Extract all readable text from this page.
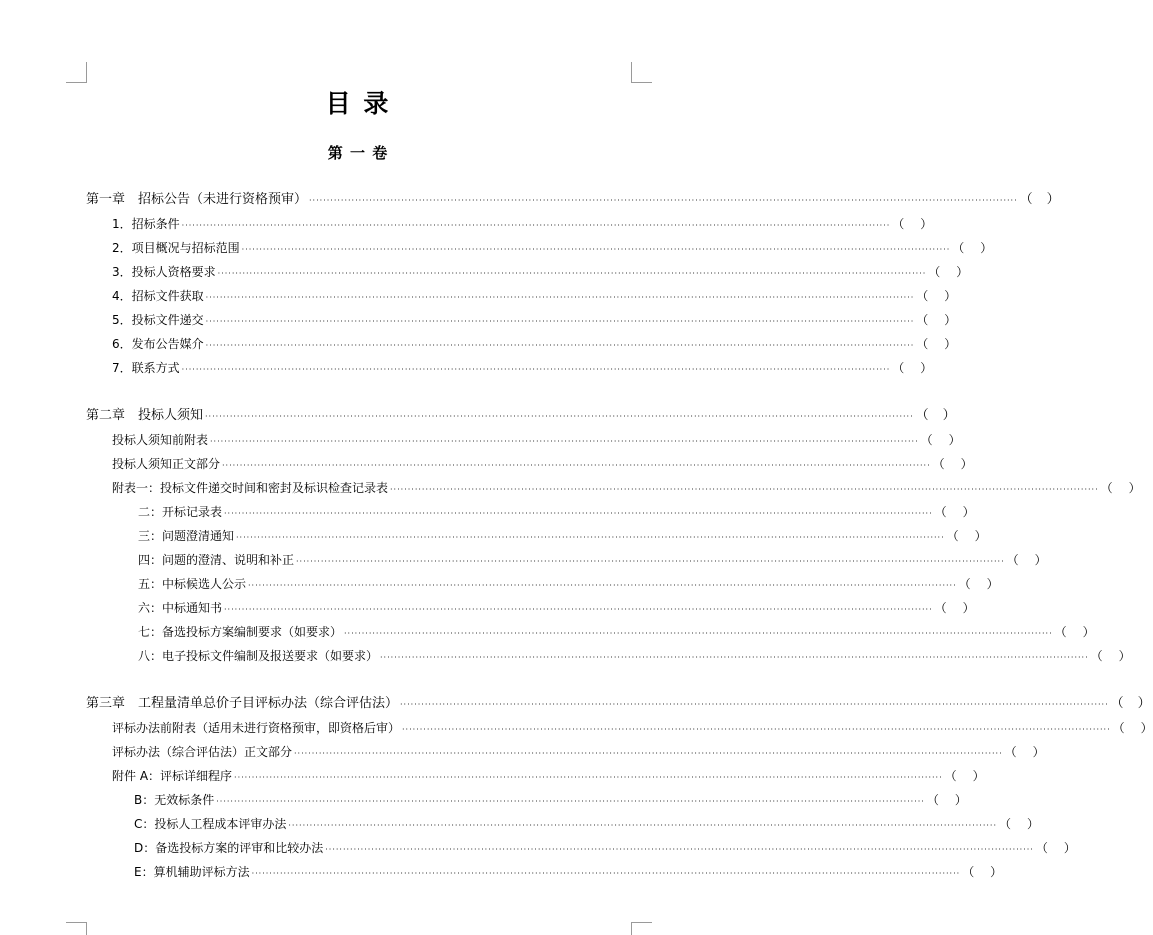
目 录
第 一 卷
第一章　招标公告（未进行资格预审） ········································································································································································································ （ ）
1．招标条件 ········································································································································································································ （ ）
2．项目概况与招标范围 ········································································································································································································ （ ）
3．投标人资格要求 ········································································································································································································ （ ）
4．招标文件获取 ········································································································································································································ （ ）
5．投标文件递交 ········································································································································································································ （ ）
6．发布公告媒介 ········································································································································································································ （ ）
7．联系方式 ········································································································································································································ （ ）
第二章　投标人须知 ········································································································································································································ （ ）
投标人须知前附表 ········································································································································································································ （ ）
投标人须知正文部分 ········································································································································································································ （ ）
附表一：投标文件递交时间和密封及标识检查记录表 ········································································································································································································ （ ）
二：开标记录表 ········································································································································································································ （ ）
三：问题澄清通知 ········································································································································································································ （ ）
四：问题的澄清、说明和补正 ········································································································································································································ （ ）
五：中标候选人公示 ········································································································································································································ （ ）
六：中标通知书 ········································································································································································································ （ ）
七：备选投标方案编制要求（如要求） ········································································································································································································ （ ）
八：电子投标文件编制及报送要求（如要求） ········································································································································································································ （ ）
第三章　工程量清单总价子目评标办法（综合评估法） ········································································································································································································ （ ）
评标办法前附表（适用未进行资格预审，即资格后审） ········································································································································································································ （ ）
评标办法（综合评估法）正文部分 ········································································································································································································ （ ）
附件 A：评标详细程序 ········································································································································································································ （ ）
B：无效标条件 ········································································································································································································ （ ）
C：投标人工程成本评审办法 ········································································································································································································ （ ）
D：备选投标方案的评审和比较办法 ········································································································································································································ （ ）
E：算机辅助评标方法 ········································································································································································································ （ ）
